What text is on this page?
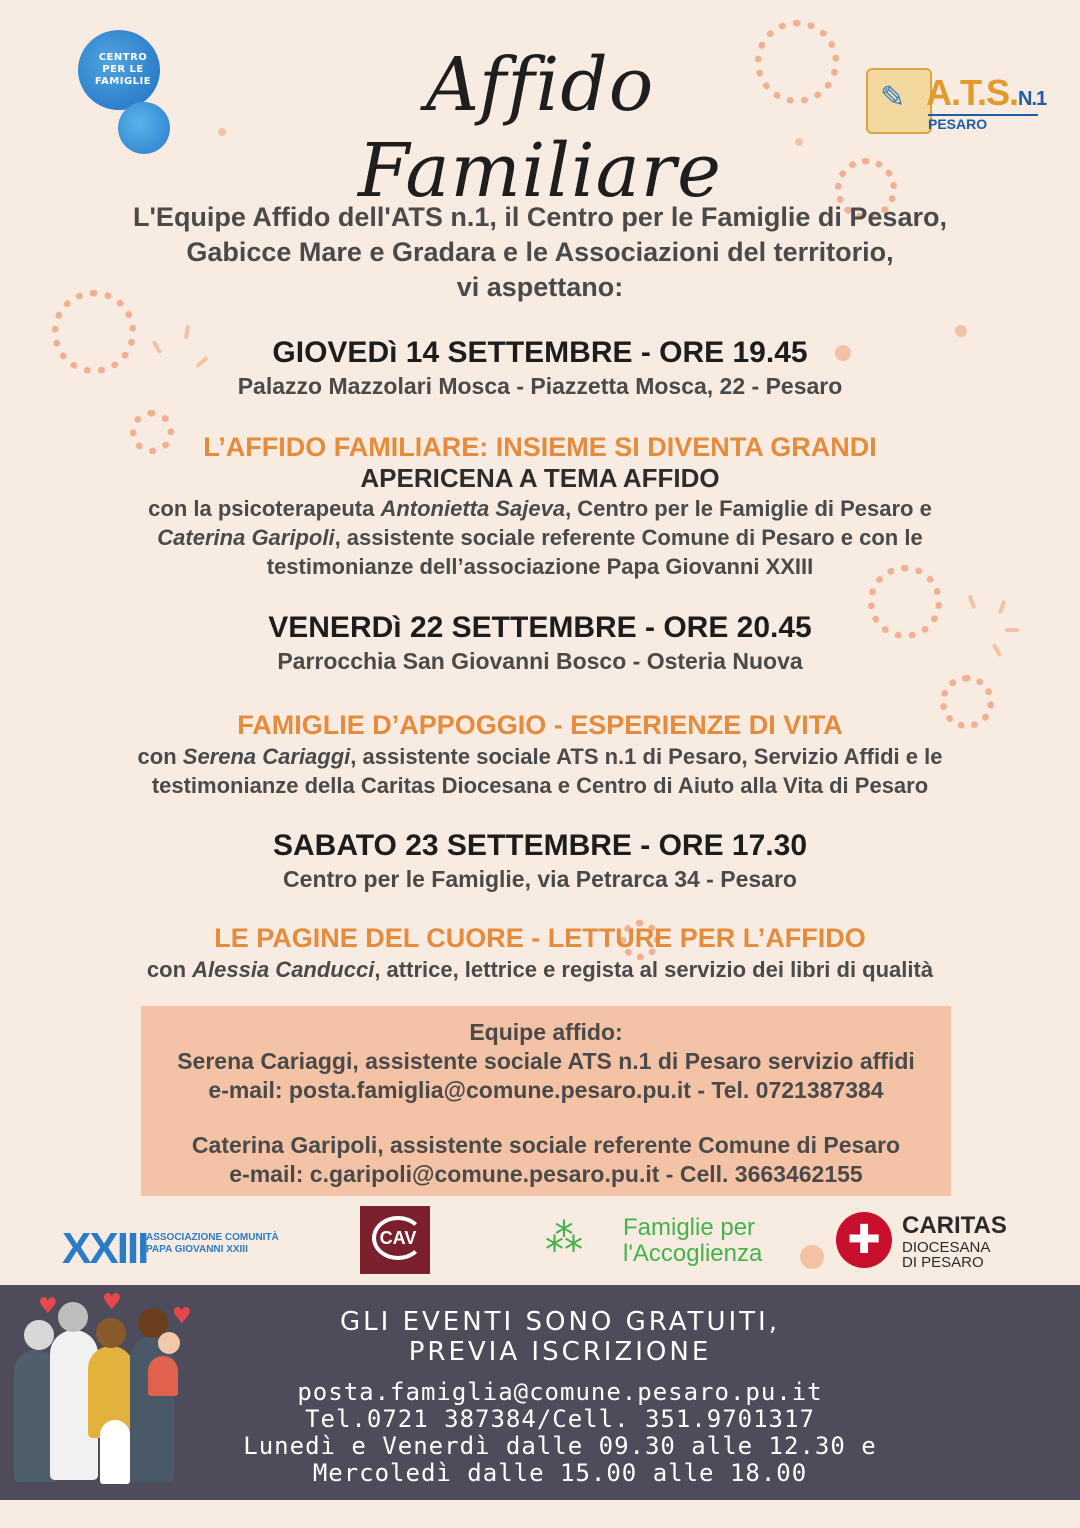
CENTRO PER LE FAMIGLIE	Affido Familiare
✎ A.T.S.N.1
PESARO
L'Equipe Affido dell'ATS n.1, il Centro per le Famiglie di Pesaro,
Gabicce Mare e Gradara e le Associazioni del territorio,
vi aspettano:
GIOVEDì 14 SETTEMBRE - ORE 19.45
Palazzo Mazzolari Mosca - Piazzetta Mosca, 22 - Pesaro
L’AFFIDO FAMILIARE: INSIEME SI DIVENTA GRANDI
APERICENA A TEMA AFFIDO
con la psicoterapeuta Antonietta Sajeva, Centro per le Famiglie di Pesaro e
Caterina Garipoli, assistente sociale referente Comune di Pesaro e con le
testimonianze dell’associazione Papa Giovanni XXIII
VENERDì 22 SETTEMBRE - ORE 20.45
Parrocchia San Giovanni Bosco - Osteria Nuova
FAMIGLIE D’APPOGGIO - ESPERIENZE DI VITA
con Serena Cariaggi, assistente sociale ATS n.1 di Pesaro, Servizio Affidi e le
testimonianze della Caritas Diocesana e Centro di Aiuto alla Vita di Pesaro
SABATO 23 SETTEMBRE - ORE 17.30
Centro per le Famiglie, via Petrarca 34 - Pesaro
LE PAGINE DEL CUORE - LETTURE PER L’AFFIDO
con Alessia Canducci, attrice, lettrice e regista al servizio dei libri di qualità
Equipe affido:
Serena Cariaggi, assistente sociale ATS n.1 di Pesaro servizio affidi
e-mail: posta.famiglia@comune.pesaro.pu.it - Tel. 0721387384
Caterina Garipoli, assistente sociale referente Comune di Pesaro
e-mail: c.garipoli@comune.pesaro.pu.it - Cell. 3663462155
XXIII
ASSOCIAZIONE COMUNITÀ
PAPA GIOVANNI XXIII
CAV	⁂ Famiglie per
l'Accoglienza ✚ CARITAS
DIOCESANA
DI PESARO
GLI EVENTI SONO GRATUITI,
PREVIA ISCRIZIONE
posta.famiglia@comune.pesaro.pu.it
Tel.0721 387384/Cell. 351.9701317
Lunedì e Venerdì dalle 09.30 alle 12.30 e
Mercoledì dalle 15.00 alle 18.00
♥ ♥
♥
